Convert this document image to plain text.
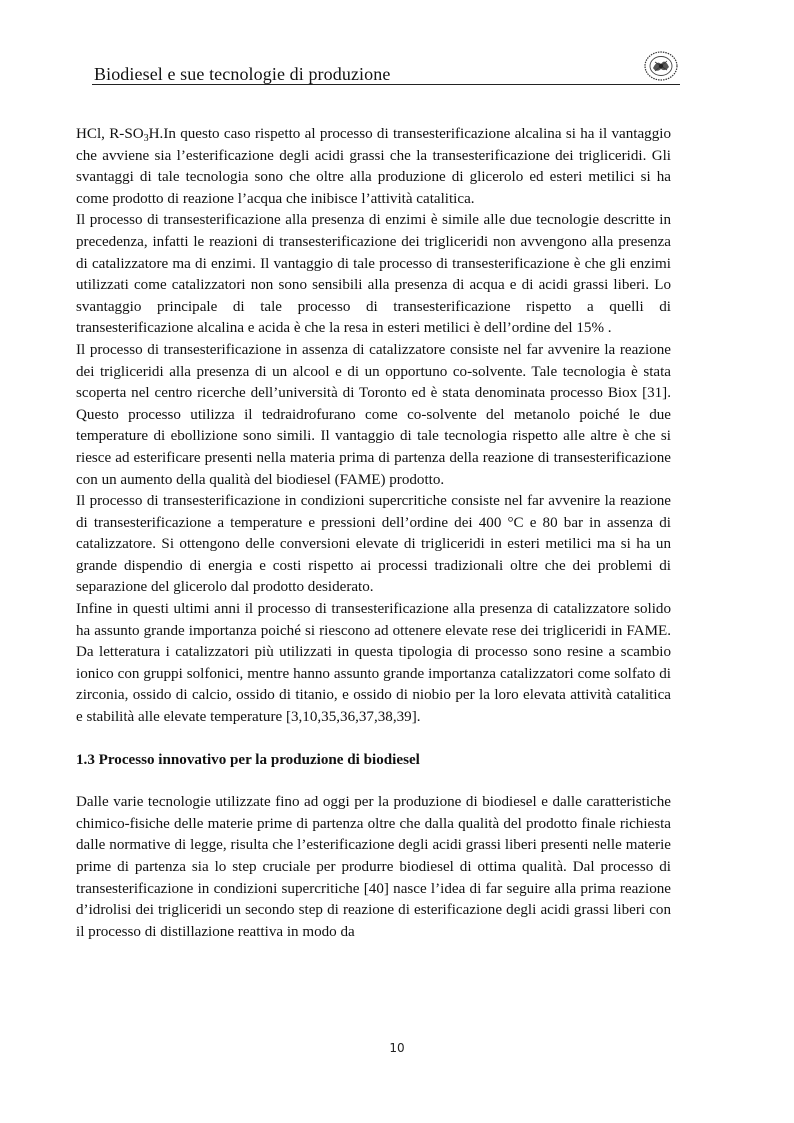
Biodiesel e sue tecnologie di produzione

HCl, $R-SO_3H.In$ questo caso rispetto al processo di transesterificazione alcalina si ha il vantaggio che avviene sia l’esterificazione degli acidi grassi che la transesterificazione dei trigliceridi. Gli svantaggi di tale tecnologia sono che oltre alla produzione di glicerolo ed esteri metilici si ha come prodotto di reazione l’acqua che inibisce l’attività catalitica.

Il processo di transesterificazione alla presenza di enzimi è simile alle due tecnologie descritte in precedenza, infatti le reazioni di transesterificazione dei trigliceridi non avvengono alla presenza di catalizzatore ma di enzimi. Il vantaggio di tale processo di transesterificazione è che gli enzimi utilizzati come catalizzatori non sono sensibili alla presenza di acqua e di acidi grassi liberi. Lo svantaggio principale di tale processo di transesterificazione rispetto a quelli di transesterificazione alcalina e acida è che la resa in esteri metilici è dell’ordine del 15% .

Il processo di transesterificazione in assenza di catalizzatore consiste nel far avvenire la reazione dei trigliceridi alla presenza di un alcool e di un opportuno co-solvente. Tale tecnologia è stata scoperta nel centro ricerche dell’università di Toronto ed è stata denominata processo Biox [31]. Questo processo utilizza il tedraidrofurano come co-solvente del metanolo poiché le due temperature di ebollizione sono simili. Il vantaggio di tale tecnologia rispetto alle altre è che si riesce ad esterificare presenti nella materia prima di partenza della reazione di transesterificazione con un aumento della qualità del biodiesel (FAME) prodotto.

Il processo di transesterificazione in condizioni supercritiche consiste nel far avvenire la reazione di transesterificazione a temperature e pressioni dell’ordine dei 400 °C e 80 bar in assenza di catalizzatore. Si ottengono delle conversioni elevate di trigliceridi in esteri metilici ma si ha un grande dispendio di energia e costi rispetto ai processi tradizionali oltre che dei problemi di separazione del glicerolo dal prodotto desiderato.

Infine in questi ultimi anni il processo di transesterificazione alla presenza di catalizzatore solido ha assunto grande importanza poiché si riescono ad ottenere elevate rese dei trigliceridi in FAME. Da letteratura i catalizzatori più utilizzati in questa tipologia di processo sono resine a scambio ionico con gruppi solfonici, mentre hanno assunto grande importanza catalizzatori come solfato di zirconia, ossido di calcio, ossido di titanio, e ossido di niobio per la loro elevata attività catalitica e stabilità alle elevate temperature [3,10,35,36,37,38,39].

1.3 Processo innovativo per la produzione di biodiesel

Dalle varie tecnologie utilizzate fino ad oggi per la produzione di biodiesel e dalle caratteristiche chimico-fisiche delle materie prime di partenza oltre che dalla qualità del prodotto finale richiesta dalle normative di legge, risulta che l’esterificazione degli acidi grassi liberi presenti nelle materie prime di partenza sia lo step cruciale per produrre biodiesel di ottima qualità. Dal processo di transesterificazione in condizioni supercritiche [40] nasce l’idea di far seguire alla prima reazione d’idrolisi dei trigliceridi un secondo step di reazione di esterificazione degli acidi grassi liberi con il processo di distillazione reattiva in modo da

10
